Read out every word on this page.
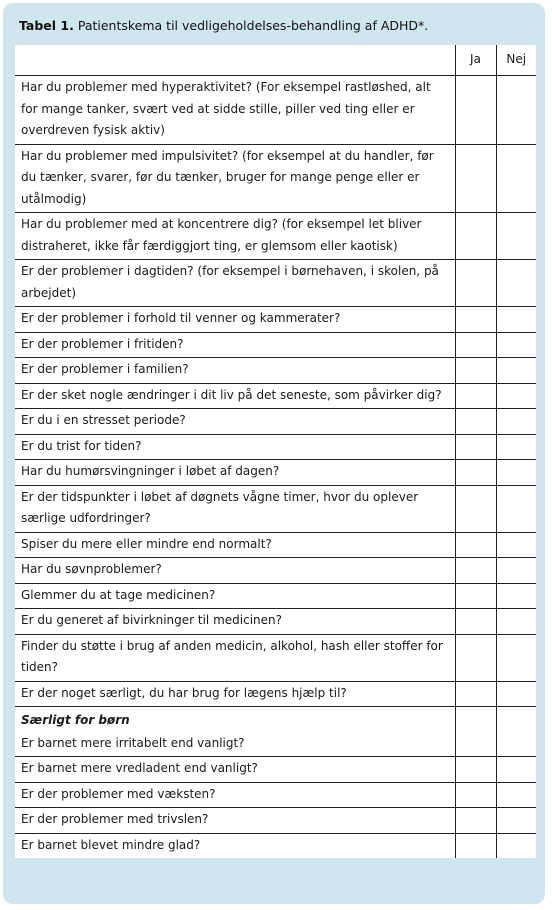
Tabel 1. Patientskema til vedligeholdelses-behandling af ADHD*.
	Ja	Nej
Har du problemer med hyperaktivitet? (For eksempel rastløshed, alt for mange tanker, svært ved at sidde stille, piller ved ting eller er overdreven fysisk aktiv)		
Har du problemer med impulsivitet? (for eksempel at du handler, før du tænker, svarer, før du tænker, bruger for mange penge eller er utålmodig)		
Har du problemer med at koncentrere dig? (for eksempel let bliver distraheret, ikke får færdiggjort ting, er glemsom eller kaotisk)		
Er der problemer i dagtiden? (for eksempel i børnehaven, i skolen, på arbejdet)		
Er der problemer i forhold til venner og kammerater?		
Er der problemer i fritiden?		
Er der problemer i familien?		
Er der sket nogle ændringer i dit liv på det seneste, som påvirker dig?		
Er du i en stresset periode?		
Er du trist for tiden?		
Har du humørsvingninger i løbet af dagen?		
Er der tidspunkter i løbet af døgnets vågne timer, hvor du oplever særlige udfordringer?		
Spiser du mere eller mindre end normalt?		
Har du søvnproblemer?		
Glemmer du at tage medicinen?		
Er du generet af bivirkninger til medicinen?		
Finder du støtte i brug af anden medicin, alkohol, hash eller stoffer for tiden?		
Er der noget særligt, du har brug for lægens hjælp til?		
Særligt for børn		
Er barnet mere irritabelt end vanligt?		
Er barnet mere vredladent end vanligt?		
Er der problemer med væksten?		
Er der problemer med trivslen?		
Er barnet blevet mindre glad?		
